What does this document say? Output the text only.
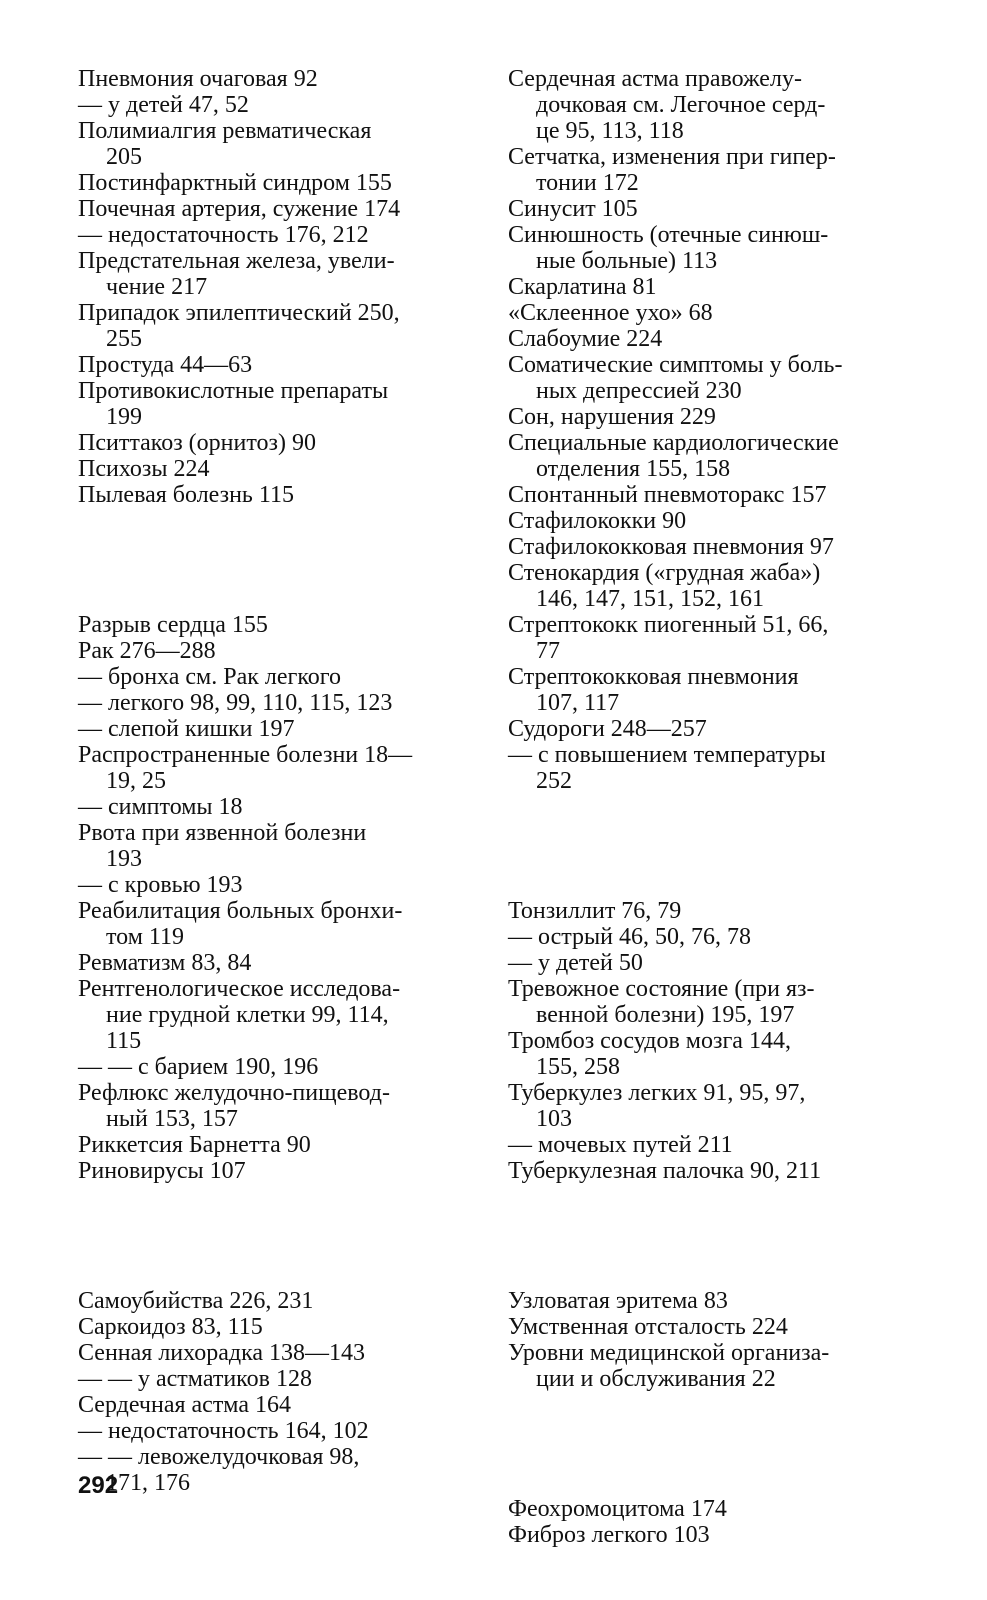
Пневмония очаговая 92
— у детей 47, 52
Полимиалгия ревматическая
205
Постинфарктный синдром 155
Почечная артерия, сужение 174
— недостаточность 176, 212
Предстательная железа, увели-
чение 217
Припадок эпилептический 250,
255
Простуда 44—63
Противокислотные препараты
199
Пситтакоз (орнитоз) 90
Психозы 224
Пылевая болезнь 115
Разрыв сердца 155
Рак 276—288
— бронха см. Рак легкого
— легкого 98, 99, 110, 115, 123
— слепой кишки 197
Распространенные болезни 18—
19, 25
— симптомы 18
Рвота при язвенной болезни
193
— с кровью 193
Реабилитация больных бронхи-
том 119
Ревматизм 83, 84
Рентгенологическое исследова-
ние грудной клетки 99, 114,
115
— — с барием 190, 196
Рефлюкс желудочно-пищевод-
ный 153, 157
Риккетсия Барнетта 90
Риновирусы 107
Самоубийства 226, 231
Саркоидоз 83, 115
Сенная лихорадка 138—143
— — у астматиков 128
Сердечная астма 164
— недостаточность 164, 102
— — левожелудочковая 98,
171, 176
Сердечная астма правожелу-
дочковая см. Легочное серд-
це 95, 113, 118
Сетчатка, изменения при гипер-
тонии 172
Синусит 105
Синюшность (отечные синюш-
ные больные) 113
Скарлатина 81
«Склеенное ухо» 68
Слабоумие 224
Соматические симптомы у боль-
ных депрессией 230
Сон, нарушения 229
Специальные кардиологические
отделения 155, 158
Спонтанный пневмоторакс 157
Стафилококки 90
Стафилококковая пневмония 97
Стенокардия («грудная жаба»)
146, 147, 151, 152, 161
Стрептококк пиогенный 51, 66,
77
Стрептококковая пневмония
107, 117
Судороги 248—257
— с повышением температуры
252
Тонзиллит 76, 79
— острый 46, 50, 76, 78
— у детей 50
Тревожное состояние (при яз-
венной болезни) 195, 197
Тромбоз сосудов мозга 144,
155, 258
Туберкулез легких 91, 95, 97,
103
— мочевых путей 211
Туберкулезная палочка 90, 211
Узловатая эритема 83
Умственная отсталость 224
Уровни медицинской организа-
ции и обслуживания 22
Феохромоцитома 174
Фиброз легкого 103
292
